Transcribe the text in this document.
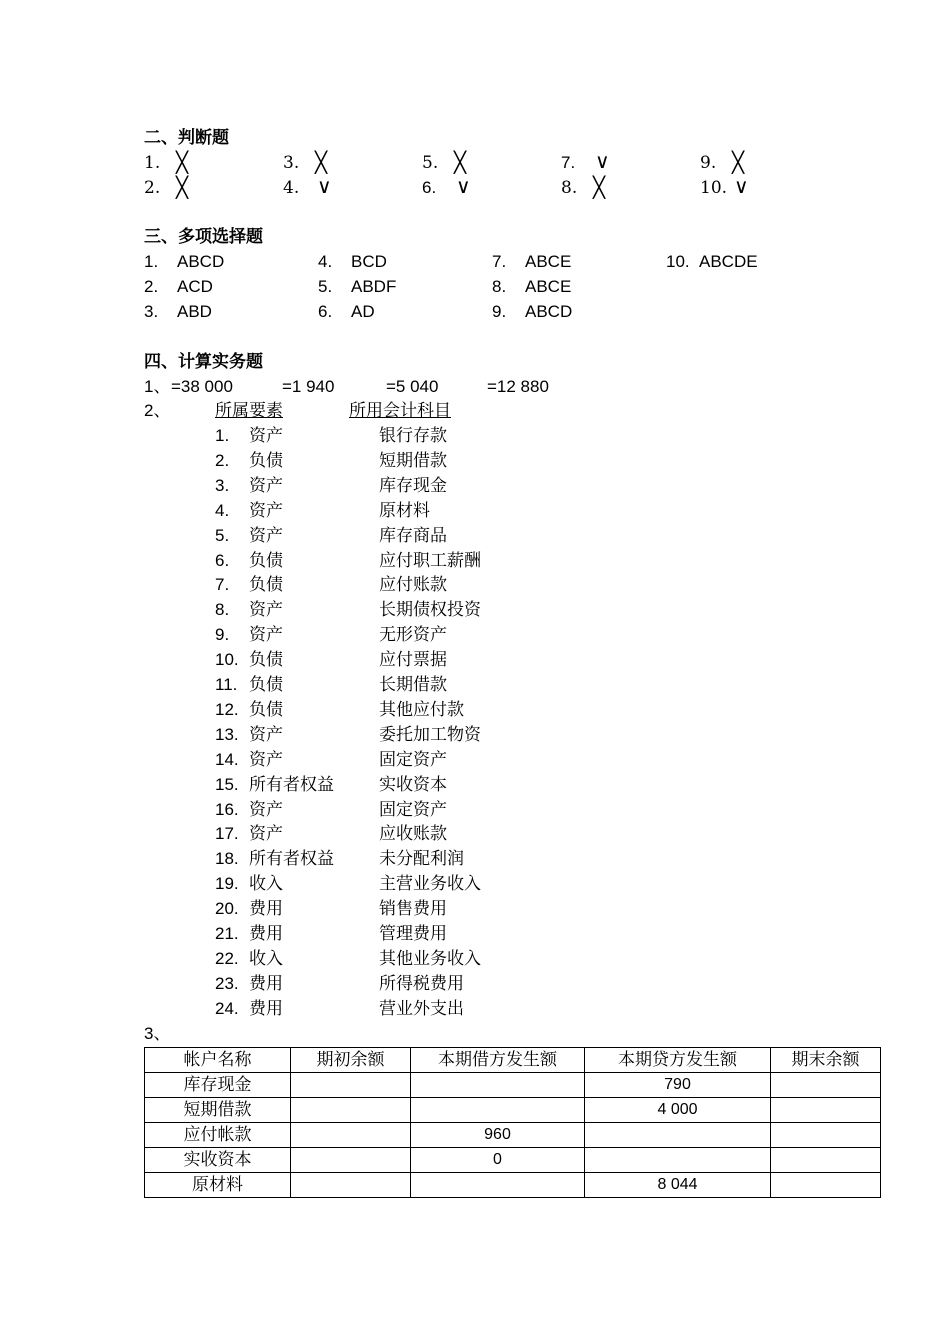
二、判断题
1. ╳
2. ╳
3. ╳
4. ∨
5. ╳
6. ∨
7. ∨
8. ╳
9. ╳
10. ∨
三、多项选择题
1. ABCD
2. ACD
3. ABD
4. BCD
5. ABDF
6. AD
7. ABCE
8. ABCE
9. ABCD
10. ABCDE
四、计算实务题
1、 =38 000	=1 940	=5 040	=12 880
2、	所属要素	所用会计科目
1. 资产	银行存款
2. 负债	短期借款
3. 资产	库存现金
4. 资产	原材料
5. 资产	库存商品
6. 负债	应付职工薪酬
7. 负债	应付账款
8. 资产	长期债权投资
9. 资产	无形资产
10. 负债	应付票据
11. 负债	长期借款
12. 负债	其他应付款
13. 资产	委托加工物资
14. 资产	固定资产
15. 所有者权益	实收资本
16. 资产	固定资产
17. 资产	应收账款
18. 所有者权益	未分配利润
19. 收入	主营业务收入
20. 费用	销售费用
21. 费用	管理费用
22. 收入	其他业务收入
23. 费用	所得税费用
24. 费用	营业外支出
3、
帐户名称	期初余额	本期借方发生额	本期贷方发生额	期末余额
库存现金			790	
短期借款			4 000	
应付帐款		960		
实收资本		0		
原材料			8 044	
